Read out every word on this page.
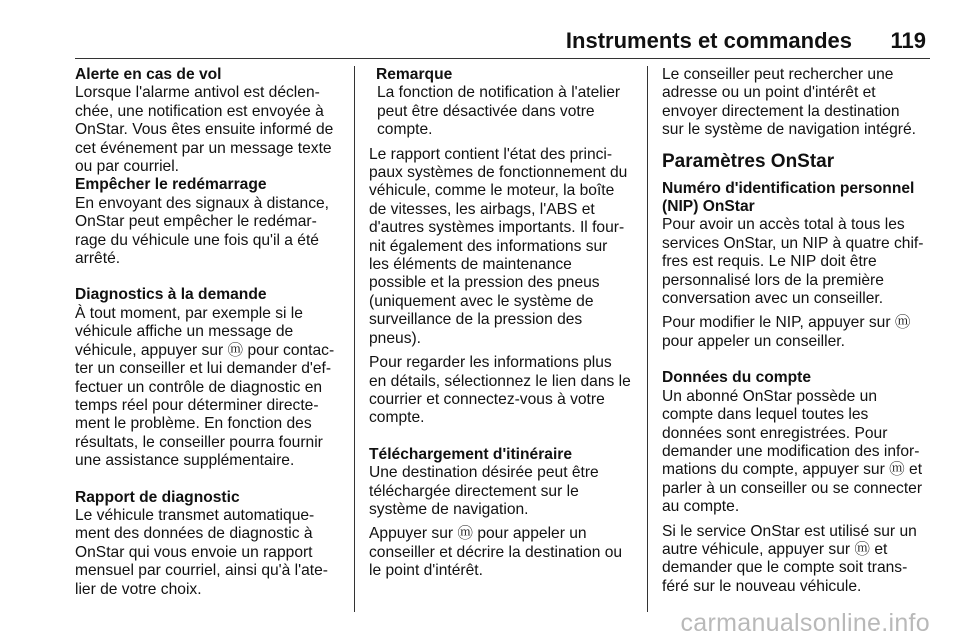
Instruments et commandes 119
Alerte en cas de vol
Lorsque l'alarme antivol est déclen-
chée, une notification est envoyée à
OnStar. Vous êtes ensuite informé de
cet événement par un message texte
ou par courriel.
Empêcher le redémarrage
En envoyant des signaux à distance,
OnStar peut empêcher le redémar-
rage du véhicule une fois qu'il a été
arrêté.
Diagnostics à la demande
À tout moment, par exemple si le
véhicule affiche un message de
véhicule, appuyer sur ⓜ pour contac-
ter un conseiller et lui demander d'ef-
fectuer un contrôle de diagnostic en
temps réel pour déterminer directe-
ment le problème. En fonction des
résultats, le conseiller pourra fournir
une assistance supplémentaire.
Rapport de diagnostic
Le véhicule transmet automatique-
ment des données de diagnostic à
OnStar qui vous envoie un rapport
mensuel par courriel, ainsi qu'à l'ate-
lier de votre choix.
Remarque
La fonction de notification à l'atelier
peut être désactivée dans votre
compte.
Le rapport contient l'état des princi-
paux systèmes de fonctionnement du
véhicule, comme le moteur, la boîte
de vitesses, les airbags, l'ABS et
d'autres systèmes importants. Il four-
nit également des informations sur
les éléments de maintenance
possible et la pression des pneus
(uniquement avec le système de
surveillance de la pression des
pneus).
Pour regarder les informations plus
en détails, sélectionnez le lien dans le
courrier et connectez-vous à votre
compte.
Téléchargement d'itinéraire
Une destination désirée peut être
téléchargée directement sur le
système de navigation.
Appuyer sur ⓜ pour appeler un
conseiller et décrire la destination ou
le point d'intérêt.
Le conseiller peut rechercher une
adresse ou un point d'intérêt et
envoyer directement la destination
sur le système de navigation intégré.
Paramètres OnStar
Numéro d'identification personnel
(NIP) OnStar
Pour avoir un accès total à tous les
services OnStar, un NIP à quatre chif-
fres est requis. Le NIP doit être
personnalisé lors de la première
conversation avec un conseiller.
Pour modifier le NIP, appuyer sur ⓜ
pour appeler un conseiller.
Données du compte
Un abonné OnStar possède un
compte dans lequel toutes les
données sont enregistrées. Pour
demander une modification des infor-
mations du compte, appuyer sur ⓜ et
parler à un conseiller ou se connecter
au compte.
Si le service OnStar est utilisé sur un
autre véhicule, appuyer sur ⓜ et
demander que le compte soit trans-
féré sur le nouveau véhicule.
carmanualsonline.info
